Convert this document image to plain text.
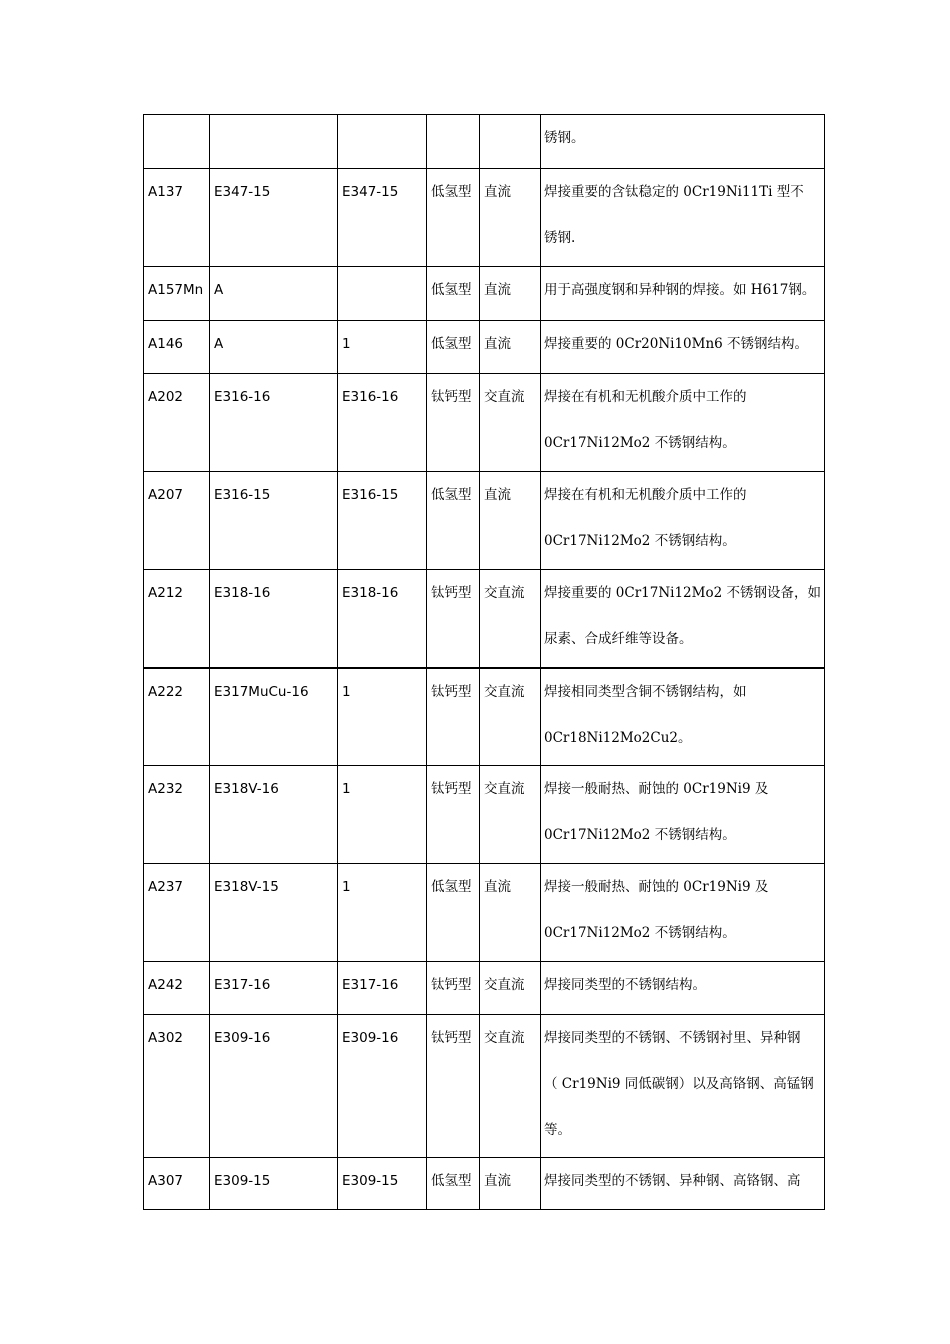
					锈钢。

A137	E347-15	E347-15	低氢型	直流	焊接重要的含钛稳定的 0Cr19Ni11Ti 型不
锈钢.

A157Mn	A		低氢型	直流	用于高强度钢和异种钢的焊接。如 H617钢。

A146	A	1	低氢型	直流	焊接重要的 0Cr20Ni10Mn6 不锈钢结构。

A202	E316-16	E316-16	钛钙型	交直流	焊接在有机和无机酸介质中工作的
0Cr17Ni12Mo2 不锈钢结构。

A207	E316-15	E316-15	低氢型	直流	焊接在有机和无机酸介质中工作的
0Cr17Ni12Mo2 不锈钢结构。

A212	E318-16	E318-16	钛钙型	交直流	焊接重要的 0Cr17Ni12Mo2 不锈钢设备，如
尿素、合成纤维等设备。

A222	E317MuCu-16	1	钛钙型	交直流	焊接相同类型含铜不锈钢结构，如
0Cr18Ni12Mo2Cu2。

A232	E318V-16	1	钛钙型	交直流	焊接一般耐热、耐蚀的 0Cr19Ni9 及
0Cr17Ni12Mo2 不锈钢结构。

A237	E318V-15	1	低氢型	直流	焊接一般耐热、耐蚀的 0Cr19Ni9 及
0Cr17Ni12Mo2 不锈钢结构。

A242	E317-16	E317-16	钛钙型	交直流	焊接同类型的不锈钢结构。

A302	E309-16	E309-16	钛钙型	交直流	焊接同类型的不锈钢、不锈钢衬里、异种钢
（ Cr19Ni9 同低碳钢）以及高铬钢、高锰钢
等。

A307	E309-15	E309-15	低氢型	直流	焊接同类型的不锈钢、异种钢、高铬钢、高
